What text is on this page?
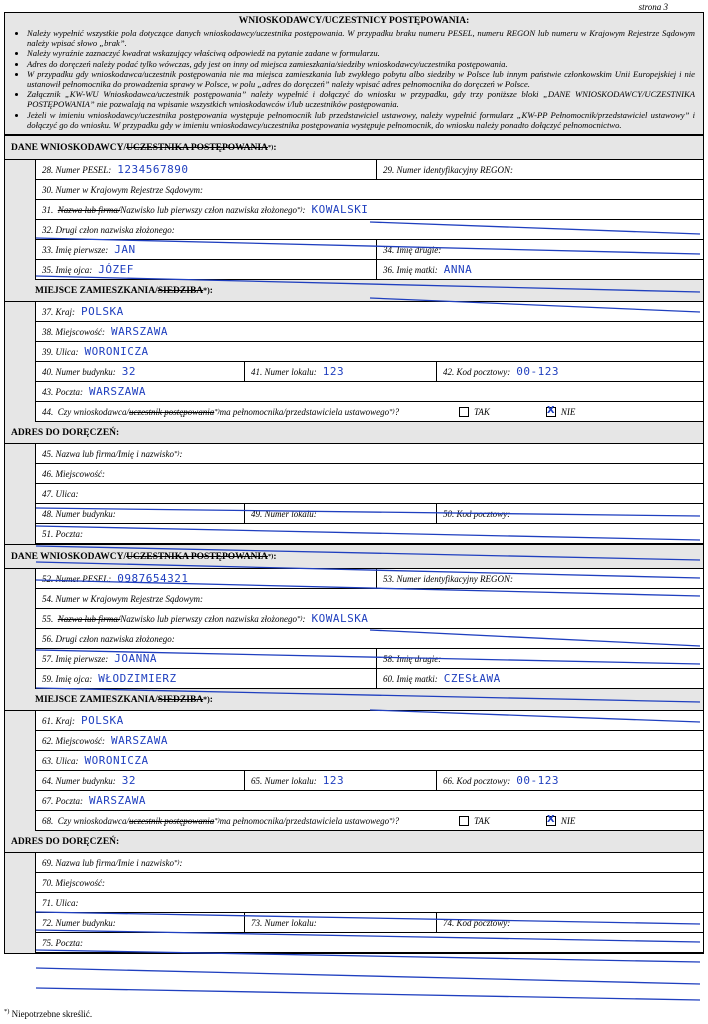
strona 3
WNIOSKODAWCY/UCZESTNICY POSTĘPOWANIA:
• Należy wypełnić wszystkie pola dotyczące danych wnioskodawcy/uczestnika postępowania. W przypadku braku numeru PESEL, numeru REGON lub numeru w Krajowym Rejestrze Sądowym należy wpisać słowo „brak”.
• Należy wyraźnie zaznaczyć kwadrat wskazujący właściwą odpowiedź na pytanie zadane w formularzu.
• Adres do doręczeń należy podać tylko wówczas, gdy jest on inny od miejsca zamieszkania/siedziby wnioskodawcy/uczestnika postępowania.
• W przypadku gdy wnioskodawca/uczestnik postępowania nie ma miejsca zamieszkania lub zwykłego pobytu albo siedziby w Polsce lub innym państwie członkowskim Unii Europejskiej i nie ustanowił pełnomocnika do prowadzenia sprawy w Polsce, w polu „adres do doręczeń” należy wpisać adres pełnomocnika do doręczeń w Polsce.
• Załącznik „KW-WU Wnioskodawca/uczestnik postępowania” należy wypełnić i dołączyć do wniosku w przypadku, gdy trzy poniższe bloki „DANE WNIOSKODAWCY/UCZESTNIKA POSTĘPOWANIA” nie pozwalają na wpisanie wszystkich wnioskodawców i/lub uczestników postępowania.
• Jeżeli w imieniu wnioskodawcy/uczestnika postępowania występuje pełnomocnik lub przedstawiciel ustawowy, należy wypełnić formularz „KW-PP Pełnomocnik/przedstawiciel ustawowy” i dołączyć go do wniosku. W przypadku gdy w imieniu wnioskodawcy/uczestnika postępowania występuje pełnomocnik, do wniosku należy ponadto dołączyć pełnomocnictwo.
DANE WNIOSKODAWCY/ UCZESTNIKA POSTĘPOWANIA *) :
28. Numer PESEL: 1234567890	29. Numer identyfikacyjny REGON:
30. Numer w Krajowym Rejestrze Sądowym:
31.
Nazwa lub firma/ Nazwisko lub pierwszy człon nazwiska złożonego *) : KOWALSKI
32. Drugi człon nazwiska złożonego:
33. Imię pierwsze: JAN	34. Imię drugie:
35. Imię ojca: JÓZEF	36. Imię matki: ANNA
MIEJSCE ZAMIESZKANIA/ SIEDZIBA *) :
37. Kraj: POLSKA
38. Miejscowość: WARSZAWA
39. Ulica: WORONICZA
40. Numer budynku: 32	41. Numer lokalu: 123	42. Kod pocztowy: 00-123
43. Poczta: WARSZAWA
44.
Czy wnioskodawca/ uczestnik postępowania *) ma pełnomocnika/przedstawiciela ustawowego *) ?	TAK X	NIE
ADRES DO DORĘCZEŃ:
45. Nazwa lub firma/Imię i nazwisko *) :
46. Miejscowość:
47. Ulica:
48. Numer budynku:	49. Numer lokalu:	50. Kod pocztowy:
51. Poczta:
DANE WNIOSKODAWCY/ UCZESTNIKA POSTĘPOWANIA *) :
52. Numer PESEL: 0987654321	53. Numer identyfikacyjny REGON:
54. Numer w Krajowym Rejestrze Sądowym:
55.
Nazwa lub firma/ Nazwisko lub pierwszy człon nazwiska złożonego *) : KOWALSKA
56. Drugi człon nazwiska złożonego:
57. Imię pierwsze: JOANNA	58. Imię drugie:
59. Imię ojca: WŁODZIMIERZ	60. Imię matki: CZESŁAWA
MIEJSCE ZAMIESZKANIA/ SIEDZIBA *) :
61. Kraj: POLSKA
62. Miejscowość: WARSZAWA
63. Ulica: WORONICZA
64. Numer budynku: 32	65. Numer lokalu: 123	66. Kod pocztowy: 00-123
67. Poczta: WARSZAWA
68.
Czy wnioskodawca/ uczestnik postępowania *) ma pełnomocnika/przedstawiciela ustawowego *) ?	TAK X	NIE
ADRES DO DORĘCZEŃ:
69. Nazwa lub firma/Imie i nazwisko *) :
70. Miejscowość:
71. Ulica:
72. Numer budynku:	73. Numer lokalu:	74. Kod pocztowy:
75. Poczta:
*) Niepotrzebne skreślić.
